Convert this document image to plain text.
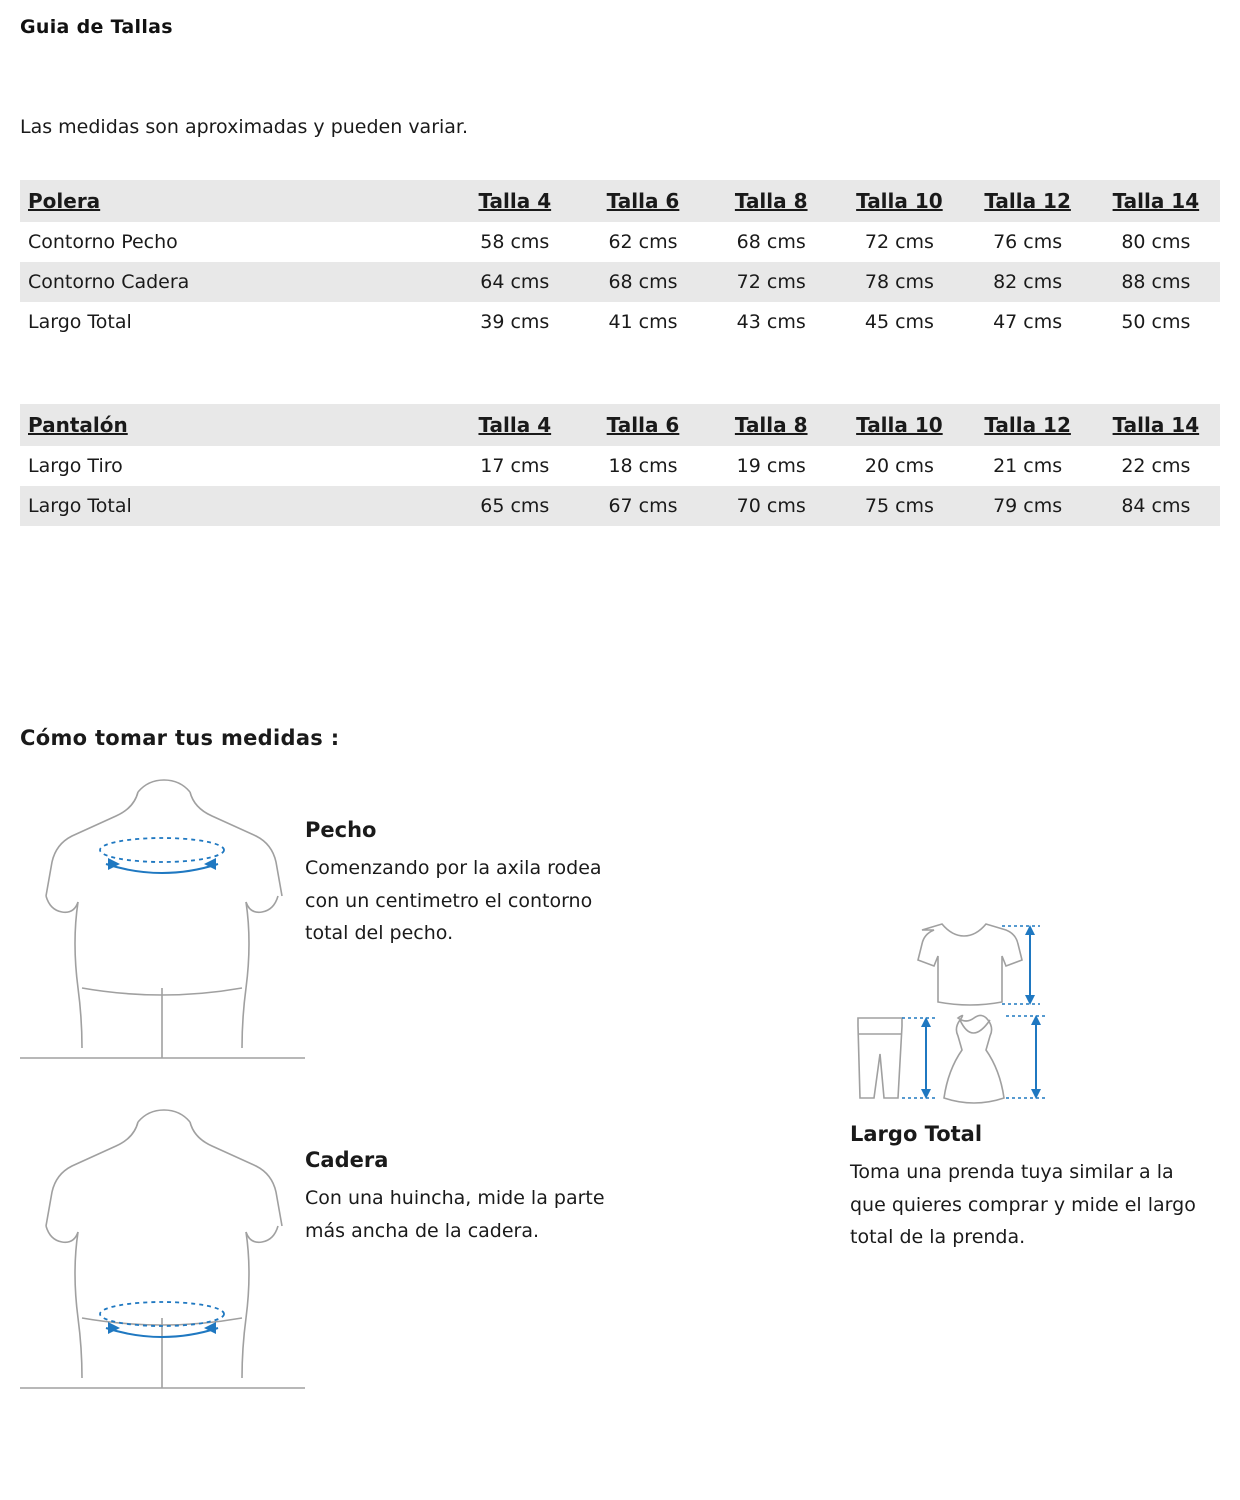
Guia de Tallas
Las medidas son aproximadas y pueden variar.
Polera	Talla 4	Talla 6	Talla 8	Talla 10	Talla 12	Talla 14
Contorno Pecho	58 cms	62 cms	68 cms	72 cms	76 cms	80 cms
Contorno Cadera	64 cms	68 cms	72 cms	78 cms	82 cms	88 cms
Largo Total	39 cms	41 cms	43 cms	45 cms	47 cms	50 cms
Pantalón	Talla 4	Talla 6	Talla 8	Talla 10	Talla 12	Talla 14
Largo Tiro	17 cms	18 cms	19 cms	20 cms	21 cms	22 cms
Largo Total	65 cms	67 cms	70 cms	75 cms	79 cms	84 cms
Cómo tomar tus medidas :
Pecho
Comenzando por la axila rodea con un centimetro el contorno total del pecho.
Cadera
Con una huincha, mide la parte más ancha de la cadera.
Largo Total
Toma una prenda tuya similar a la que quieres comprar y mide el largo total de la prenda.
